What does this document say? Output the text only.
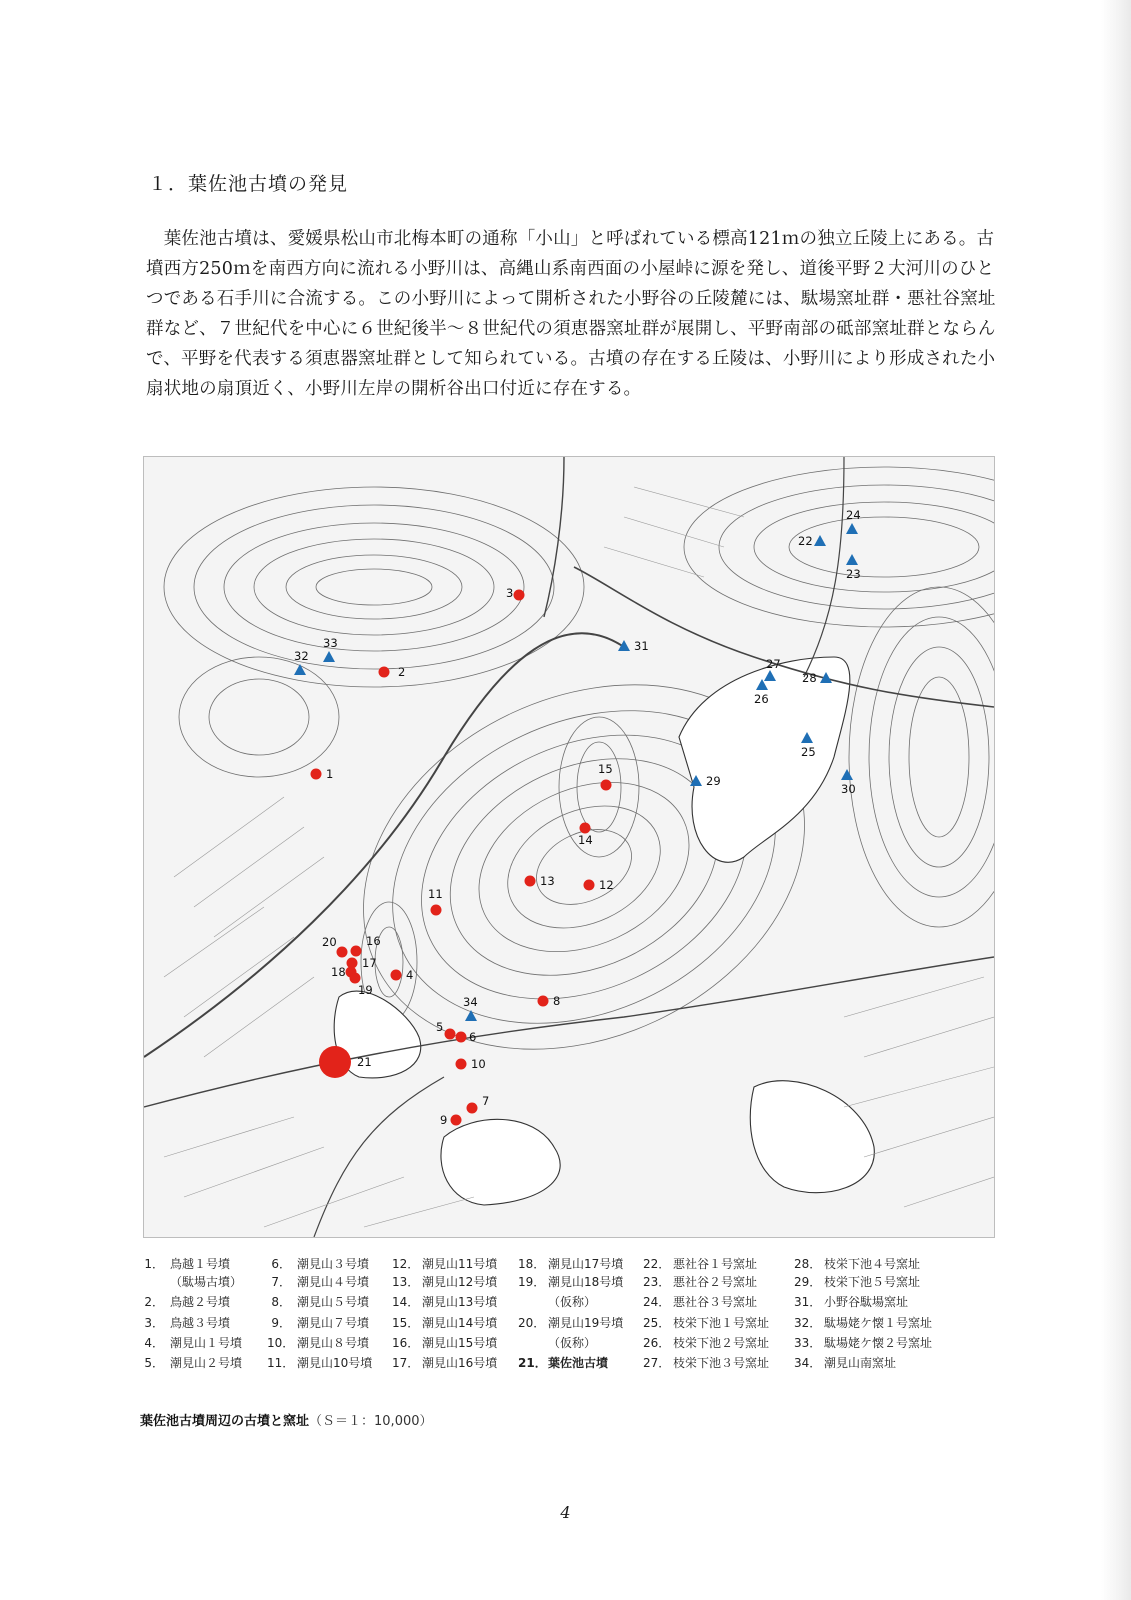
１．葉佐池古墳の発見

　葉佐池古墳は、愛媛県松山市北梅本町の通称「小山」と呼ばれている標高121ｍの独立丘陵上にある。古墳西方250ｍを南西方向に流れる小野川は、高縄山系南西面の小屋峠に源を発し、道後平野２大河川のひとつである石手川に合流する。この小野川によって開析された小野谷の丘陵麓には、駄場窯址群・悪社谷窯址群など、７世紀代を中心に６世紀後半～８世紀代の須恵器窯址群が展開し、平野南部の砥部窯址群とならんで、平野を代表する須恵器窯址群として知られている。古墳の存在する丘陵は、小野川により形成された小扇状地の扇頂近く、小野川左岸の開析谷出口付近に存在する。

1
2
3
4
5
6
7
8
9
10
11
12
13
14
15
16
17
18
19
20
21
22
23
24
25
26
27
28
29
30
31
32
33
34
1． 鳥越１号墳
（駄場古墳）
2． 鳥越２号墳
3． 鳥越３号墳
4． 潮見山１号墳
5． 潮見山２号墳
6． 潮見山３号墳
7． 潮見山４号墳
8． 潮見山５号墳
9． 潮見山７号墳
10． 潮見山８号墳
11． 潮見山10号墳
12． 潮見山11号墳
13． 潮見山12号墳
14． 潮見山13号墳
15． 潮見山14号墳
16． 潮見山15号墳
17． 潮見山16号墳
18． 潮見山17号墳
19． 潮見山18号墳
（仮称）
20． 潮見山19号墳
（仮称）
21．葉佐池古墳
22． 悪社谷１号窯址
23． 悪社谷２号窯址
24． 悪社谷３号窯址
25． 枝栄下池１号窯址
26． 枝栄下池２号窯址
27． 枝栄下池３号窯址
28． 枝栄下池４号窯址
29． 枝栄下池５号窯址
31． 小野谷駄場窯址
32． 駄場姥ケ懐１号窯址
33． 駄場姥ケ懐２号窯址
34． 潮見山南窯址
葉佐池古墳周辺の古墳と窯址（Ｓ＝１：10,000）
4
